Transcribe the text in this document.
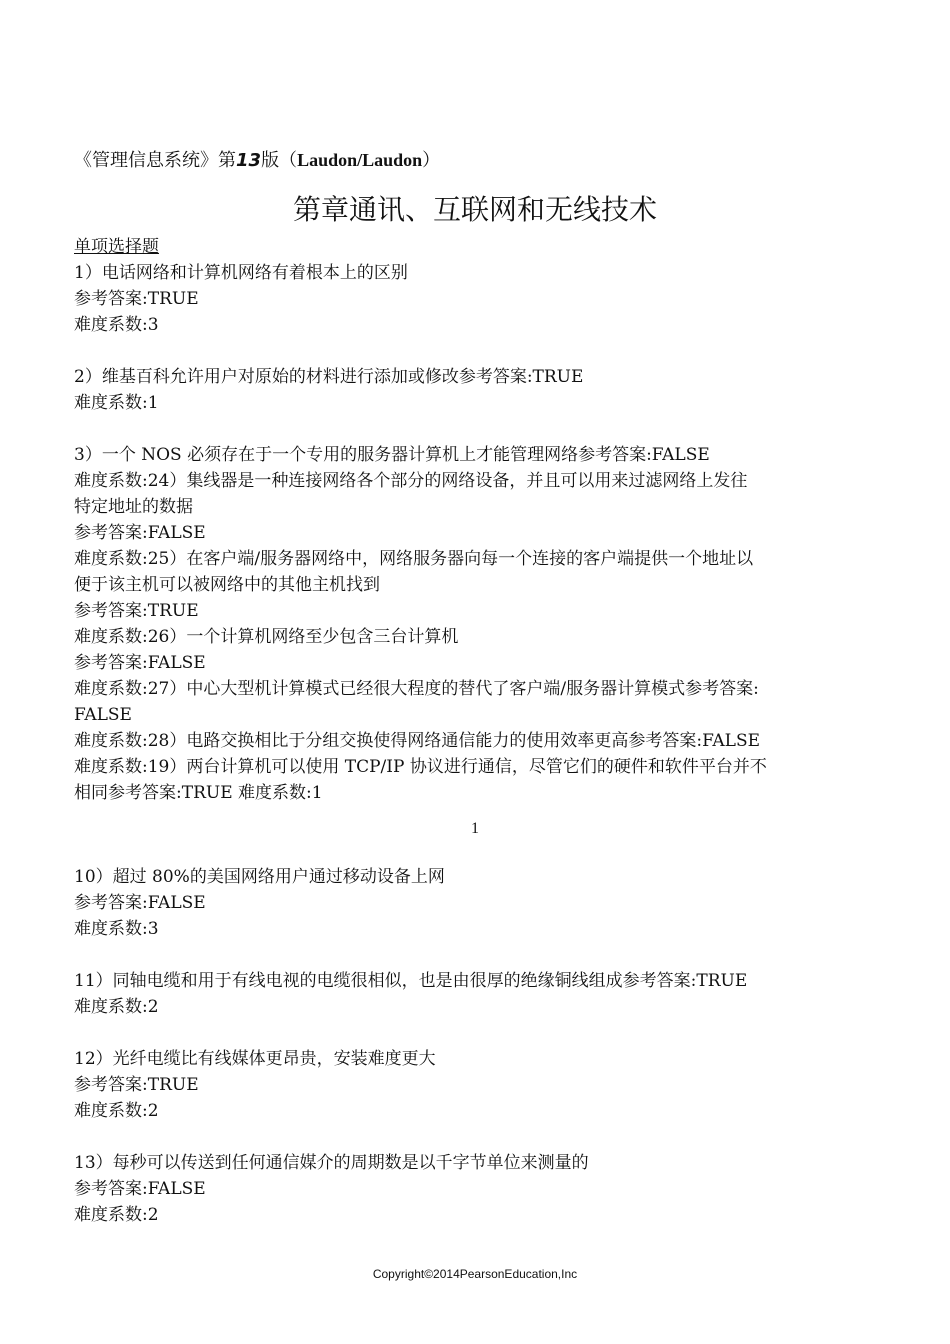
《管理信息系统》第13版（Laudon/Laudon）
第章通讯、互联网和无线技术
单项选择题
1）电话网络和计算机网络有着根本上的区别
参考答案:TRUE
难度系数:3

2）维基百科允许用户对原始的材料进行添加或修改参考答案:TRUE
难度系数:1

3）一个 NOS 必须存在于一个专用的服务器计算机上才能管理网络参考答案:FALSE
难度系数:24）集线器是一种连接网络各个部分的网络设备，并且可以用来过滤网络上发往
特定地址的数据
参考答案:FALSE
难度系数:25）在客户端/服务器网络中，网络服务器向每一个连接的客户端提供一个地址以
便于该主机可以被网络中的其他主机找到
参考答案:TRUE
难度系数:26）一个计算机网络至少包含三台计算机
参考答案:FALSE
难度系数:27）中心大型机计算模式已经很大程度的替代了客户端/服务器计算模式参考答案:
FALSE
难度系数:28）电路交换相比于分组交换使得网络通信能力的使用效率更高参考答案:FALSE
难度系数:19）两台计算机可以使用 TCP/IP 协议进行通信，尽管它们的硬件和软件平台并不
相同参考答案:TRUE 难度系数:1
1
10）超过 80%的美国网络用户通过移动设备上网
参考答案:FALSE
难度系数:3

11）同轴电缆和用于有线电视的电缆很相似，也是由很厚的绝缘铜线组成参考答案:TRUE
难度系数:2

12）光纤电缆比有线媒体更昂贵，安装难度更大
参考答案:TRUE
难度系数:2

13）每秒可以传送到任何通信媒介的周期数是以千字节单位来测量的
参考答案:FALSE
难度系数:2
Copyright©2014PearsonEducation,Inc
